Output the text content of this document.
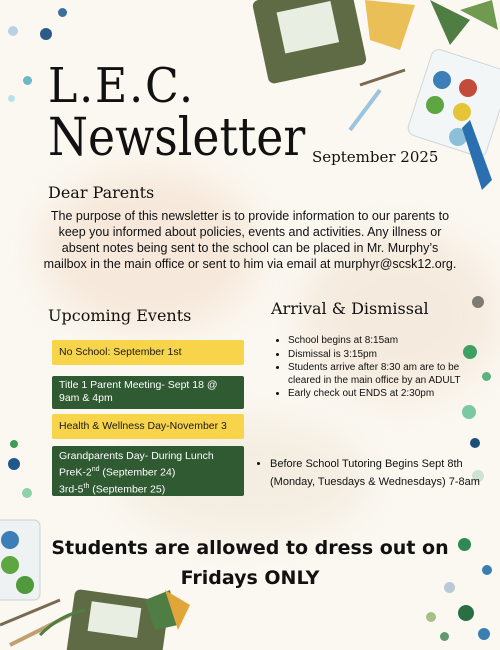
L.E.C.
Newsletter September 2025
Dear Parents
The purpose of this newsletter is to provide information to our parents to keep you informed about policies, events and activities. Any illness or absent notes being sent to the school can be placed in Mr. Murphy’s mailbox in the main office or sent to him via email at murphyr@scsk12.org.
Upcoming Events
No School: September 1st
Title 1 Parent Meeting- Sept 18 @ 9am & 4pm
Health & Wellness Day-November 3
Grandparents Day- During Lunch
PreK-2nd (September 24)
3rd-5th (September 25)
Arrival & Dismissal
• School begins at 8:15am
• Dismissal is 3:15pm
• Students arrive after 8:30 am are to be cleared in the main office by an ADULT
• Early check out ENDS at 2:30pm
• Before School Tutoring Begins Sept 8th (Monday, Tuesdays & Wednesdays) 7-8am
Students are allowed to dress out on
Fridays ONLY
